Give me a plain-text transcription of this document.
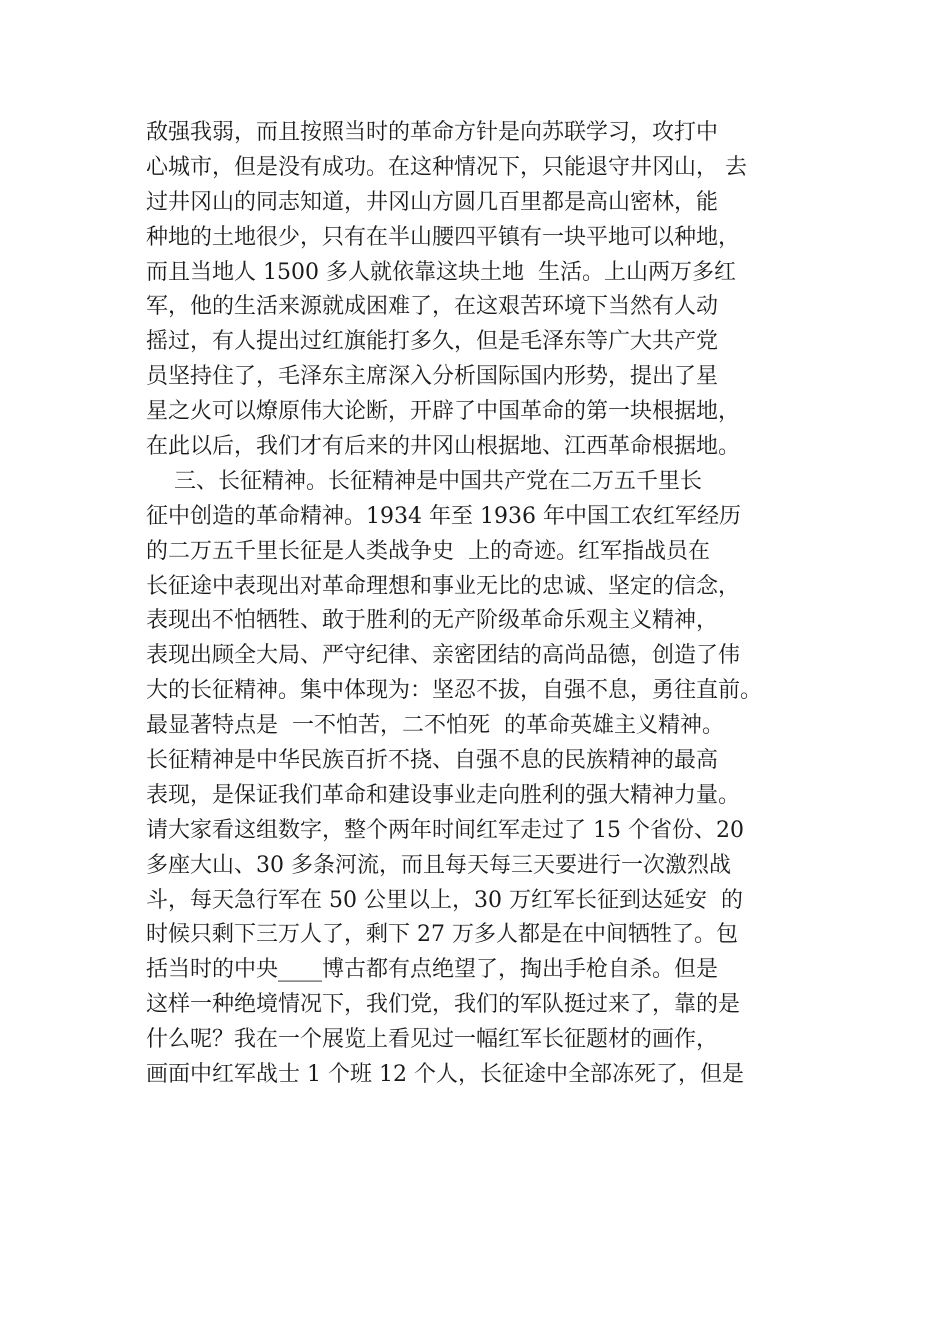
敌强我弱，而且按照当时的革命方针是向苏联学习，攻打中
心城市，但是没有成功。在这种情况下，只能退守井冈山， 去
过井冈山的同志知道，井冈山方圆几百里都是高山密林，能
种地的土地很少，只有在半山腰四平镇有一块平地可以种地，
而且当地人 1500 多人就依靠这块土地  生活。上山两万多红
军，他的生活来源就成困难了，在这艰苦环境下当然有人动
摇过，有人提出过红旗能打多久，但是毛泽东等广大共产党
员坚持住了，毛泽东主席深入分析国际国内形势，提出了星
星之火可以燎原伟大论断，开辟了中国革命的第一块根据地，
在此以后，我们才有后来的井冈山根据地、江西革命根据地。
三、长征精神。长征精神是中国共产党在二万五千里长
征中创造的革命精神。1934 年至 1936 年中国工农红军经历
的二万五千里长征是人类战争史  上的奇迹。红军指战员在
长征途中表现出对革命理想和事业无比的忠诚、坚定的信念，
表现出不怕牺牲、敢于胜利的无产阶级革命乐观主义精神，
表现出顾全大局、严守纪律、亲密团结的高尚品德，创造了伟
大的长征精神。集中体现为：坚忍不拔，自强不息，勇往直前。
最显著特点是  一不怕苦，二不怕死  的革命英雄主义精神。
长征精神是中华民族百折不挠、自强不息的民族精神的最高
表现，是保证我们革命和建设事业走向胜利的强大精神力量。
请大家看这组数字，整个两年时间红军走过了 15 个省份、20
多座大山、30 多条河流，而且每天每三天要进行一次激烈战
斗，每天急行军在 50 公里以上，30 万红军长征到达延安  的
时候只剩下三万人了，剩下 27 万多人都是在中间牺牲了。包
括当时的中央____博古都有点绝望了，掏出手枪自杀。但是
这样一种绝境情况下，我们党，我们的军队挺过来了，靠的是
什么呢？我在一个展览上看见过一幅红军长征题材的画作，
画面中红军战士 1 个班 12 个人，长征途中全部冻死了，但是
